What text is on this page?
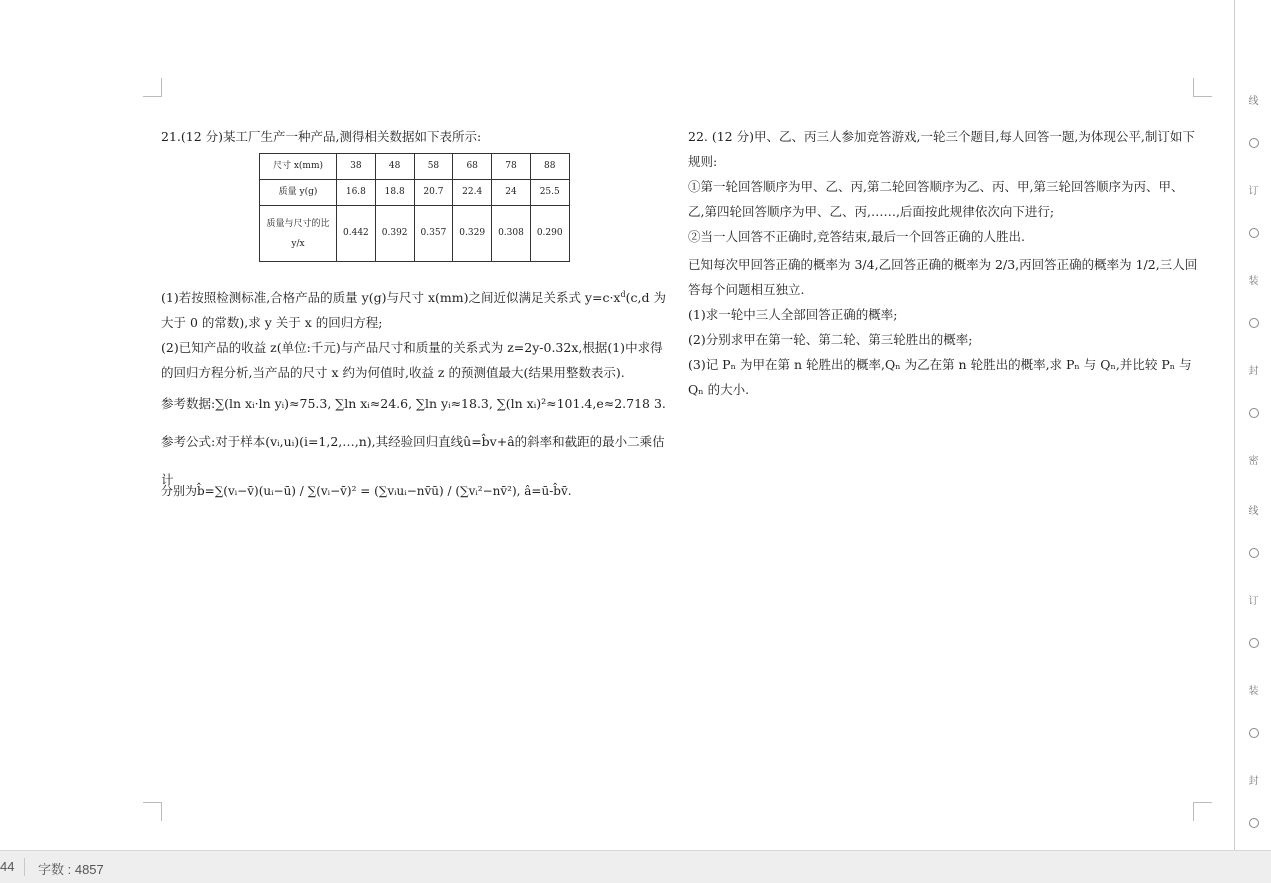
21.(12 分)某工厂生产一种产品,测得相关数据如下表所示:

尺寸 x(mm)	38	48	58	68	78	88
质量 y(g)	16.8	18.8	20.7	22.4	24	25.5
质量与尺寸的比 y/x	0.442	0.392	0.357	0.329	0.308	0.290

(1)若按照检测标准,合格产品的质量 y(g)与尺寸 x(mm)之间近似满足关系式 $y=c\cdot x^d(c,d$ 为大于 0 的常数),求 y 关于 x 的回归方程;

(2)已知产品的收益 z(单位:千元)与产品尺寸和质量的关系式为 z=2y-0.32x,根据(1)中求得的回归方程分析,当产品的尺寸 x 约为何值时,收益 z 的预测值最大(结果用整数表示).

参考数据:∑(ln xᵢ·ln yᵢ)≈75.3, ∑ln xᵢ≈24.6, ∑ln yᵢ≈18.3, ∑(ln xᵢ)²≈101.4,e≈2.718 3.

参考公式:对于样本(vᵢ,uᵢ)(i=1,2,…,n),其经验回归直线û=b̂v+â的斜率和截距的最小二乘估计

分别为b̂=∑(vᵢ−v̄)(uᵢ−ū) / ∑(vᵢ−v̄)² = (∑vᵢuᵢ−nv̄ū) / (∑vᵢ²−nv̄²), â=ū-b̂v̄.

22. (12 分)甲、乙、丙三人参加竞答游戏,一轮三个题目,每人回答一题,为体现公平,制订如下规则:

①第一轮回答顺序为甲、乙、丙,第二轮回答顺序为乙、丙、甲,第三轮回答顺序为丙、甲、乙,第四轮回答顺序为甲、乙、丙,……,后面按此规律依次向下进行;

②当一人回答不正确时,竞答结束,最后一个回答正确的人胜出.

已知每次甲回答正确的概率为 3/4,乙回答正确的概率为 2/3,丙回答正确的概率为 1/2,三人回答每个问题相互独立.

(1)求一轮中三人全部回答正确的概率;

(2)分别求甲在第一轮、第二轮、第三轮胜出的概率;

(3)记 Pₙ 为甲在第 n 轮胜出的概率,Qₙ 为乙在第 n 轮胜出的概率,求 Pₙ 与 Qₙ,并比较 Pₙ 与 Qₙ 的大小.

线
订
装
封
密
线
订
装
封
44 字数 : 4857
